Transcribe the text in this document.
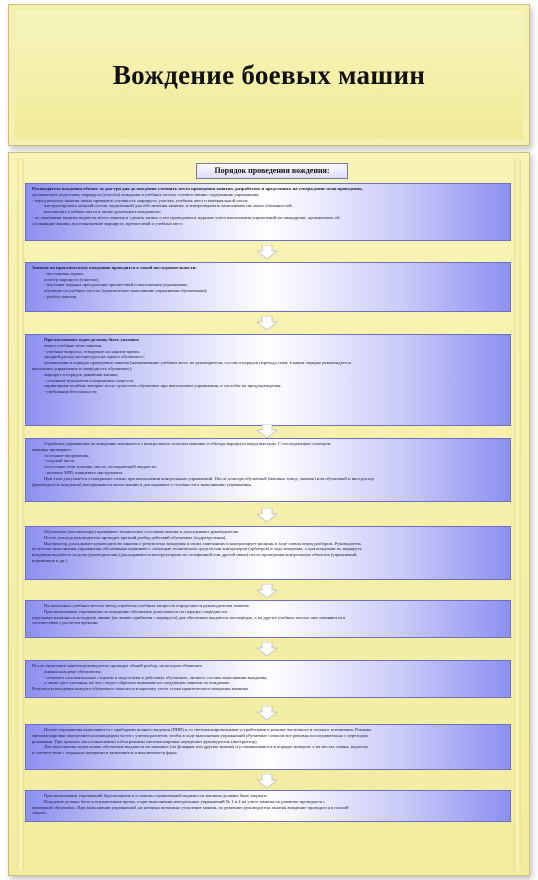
Вождение боевых машин
Порядок проведения вождения:
Руководитель вождения обязан: за два-три дня до вождения уточнить место проведения занятия, разработать и представить на утверждение план проведения,
организовать подготовку маршрута (участка) вождения в учебных местах соответственно содержанию упражнения.
- перед началом занятия лично проверить готовность маршрута, участка, учебных мест и материальной части;
инструктировать личный состав, выделенный для обеспечения занятия, и контролировать выполнение им своих обязанностей;
возглавлять учебные места и лично руководить вождением;
- по окончании занятия подвести итоги занятия и сделать запись о его проведении в журнале учета выполнения упражнений на танкодроме, организовать об-
служивание машин, восстановление маршрута, препятствий и учебных мест.
Занятие по практическому вождению проводится в такой последовательности:
- постановка задачи,
осмотр маршрута (участка);
- изучение порядка преодоления препятствий и выполнения упражнения;
обучение на учебных местах (практическое выполнение упражнения обучаемыми);
- разбор занятия.
При постановке задач должны быть указаны:
тема и учебные цели занятия,
- учебные вопросы, отводимое на занятие время;
средний расход моторесурса на одного обучаемого;
организация и порядок проведения занятия (наименование учебных мест, их руководители, состав и порядок перехода смен; в каком порядке рекомендуется
выполнять упражнение и очерёдность обучаемых);
маршрут и порядок движения машин;
- основные показатели и нормативы скорости,
характерные ошибки, которые могут допустить обучаемые при выполнении упражнения, и способы их предупреждения;
- требования безопасности.
Отработка упражнения по вождению начинается с контрольного осмотра машины и объезда маршрута перед выездом. С последующим осмотром
машины проверяют:
состояние вооружения,
- ходовой части,
отсутствие течи топлива, масла, охлаждающей жидкости,
- наличие ЗИП, шанцевого инструмента.
При этом допускается осматривать только при выполнении контрольных упражнений. После осмотра обучаемый (машина, взвод, экипаж) или обучаемый и инструктор
(руководитель вождения) выстраиваются возле машин и докладывают о готовности к выполнению упражнения.
Обучаемые (инструкторы) проверяют техническое состояние машин и докладывают руководителю.
После доклада руководитель проводит краткий разбор действий обучаемых (подразделения).
Инструктор докладывает руководителю занятия о результатах вождения и своих замечаниях и контролирует машины в ходе смены перед разбором. Руководитель
по итогам выполнения упражнения обучаемыми оценивает с помощью технических средств или контролеров (арбитров) в ходе вождения, а при вождении по маршруту
вождения выдаются на руки руководителям (докладываются инструкторами по телефонной или другой связи) после проведения контрольных объектов (упражнений,
нормативов и др.).
На начальных учебных местах метод отработки учебных вопросов определяется руководителем занятия.
При выполнении упражнения по вождению обучаемые допускаются по порядку очерёдности.
отдельные машины на исходную линию (на линию прибытия с маршрута) для обучаемых выдаются поочерёдно, а на других учебных местах они заменяются в
соответствии с расчетом времени.
После окончания занятия руководитель проводит общий разбор, на котором объявляет:
оценки каждому обучаемому,
- отмечает положительные стороны и недостатки в действиях обучаемых, личного состава выполнения вождения,
а также дает указания, на что следует обратить внимание на следующем занятии по вождению.
Результаты вождения каждого обучаемого заносятся в карточку учета стажа практического вождения машины.
Ночью упражнения выполняются с приборами ночного видения (ПНВ) и со светомаскировочными устройствами в режиме частичного и полного затемнения. Режимы
светомаскировки определяются командиром части с учетом расчетов, чтобы в ходе выполнения упражнений обучаемые освоили все режимы последовательно с переходом
режимами. При приемах (восстановлении) отбоя режимы светомаскировки определяет руководитель (инструктор).
Для выполнения задач ночью обучаемые выдаются на машинах (по фонарям или другим знакам) и устанавливаются в порядке номеров, а на местах смены, водитель
в соответствии с порядком номерами и включаются и выключаются фары.
При выполнении упражнений бурсилищием в условиях ограниченной видимости машины должны быть закрыты.
Вождение должно быть в ограниченное время, а при выполнении контрольных упражнений № 1 и 2 на учете занятия по разметке проводится с
проверкой обучаемых. При выполнении упражнений, на которых возможно утопление машин, по решению руководителя занятия вождение проводится в полной
защите.
